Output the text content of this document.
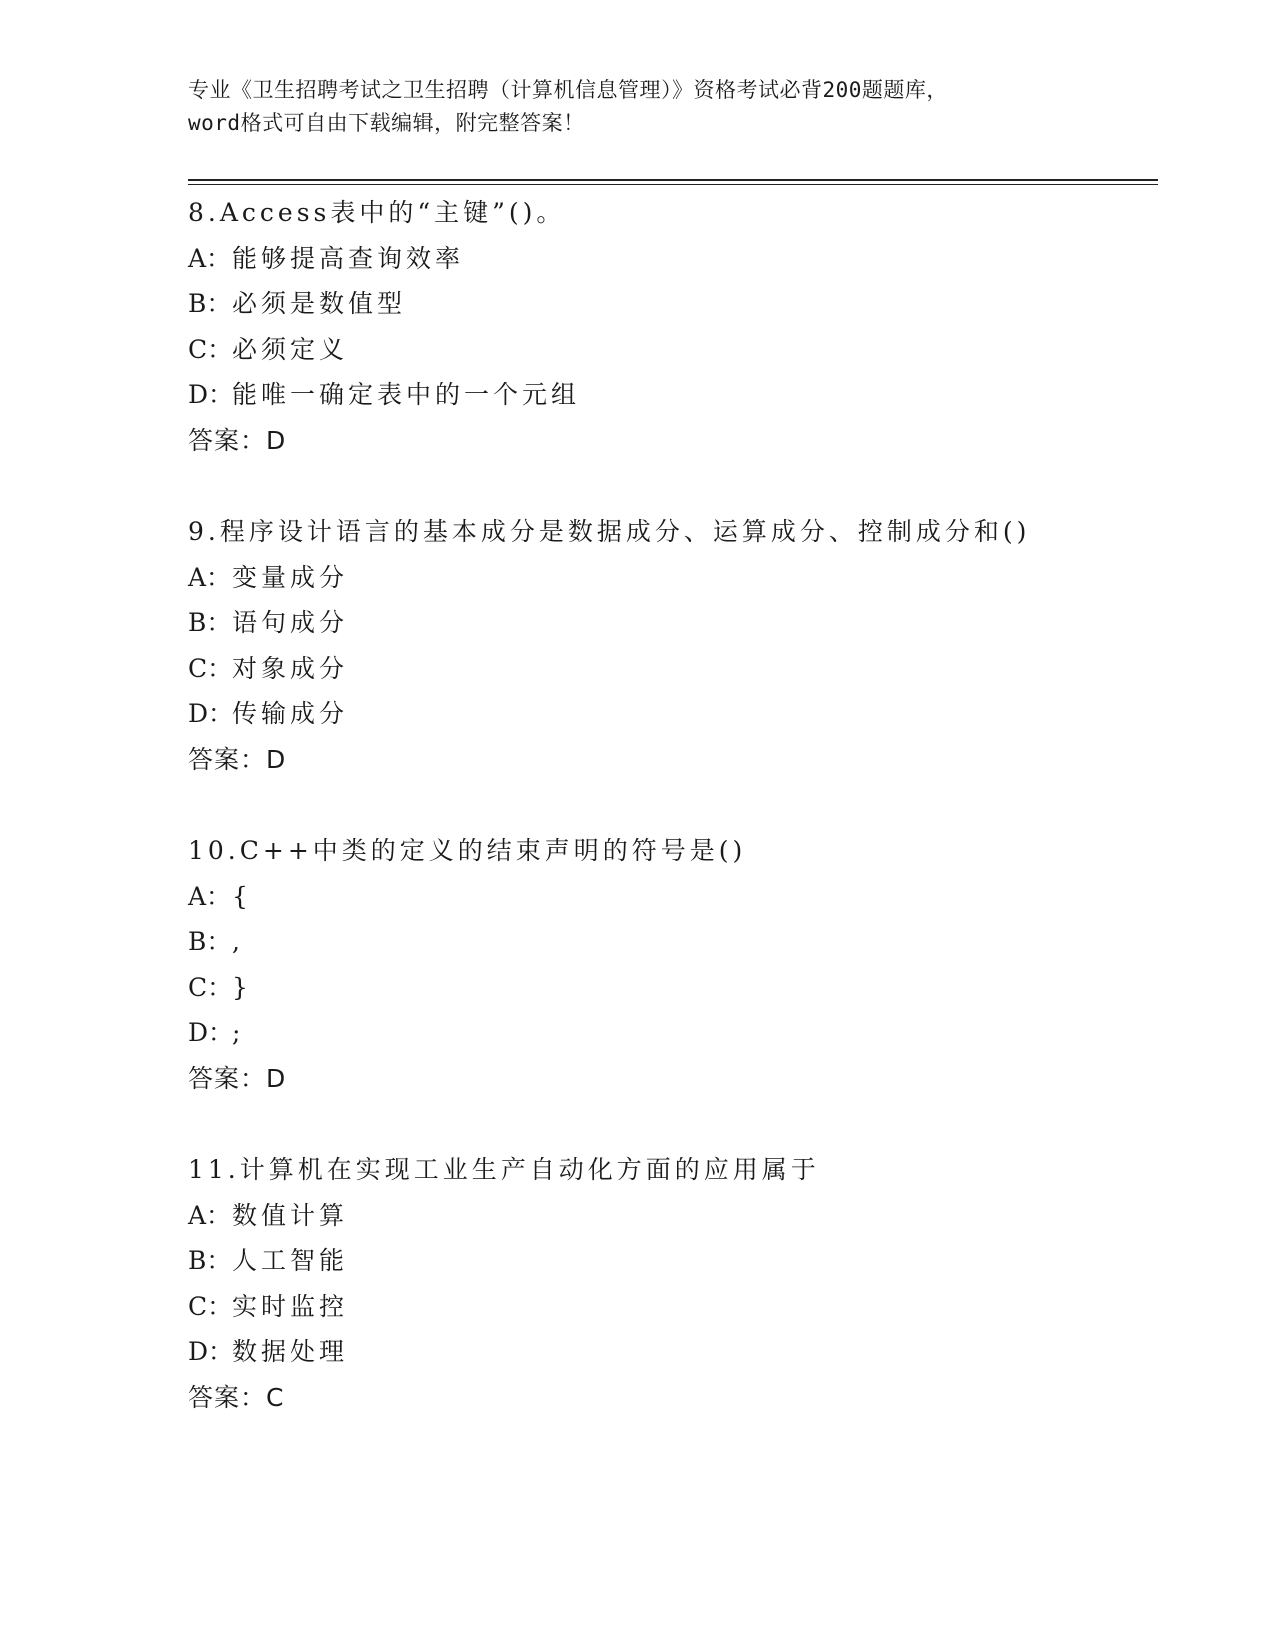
专业《卫生招聘考试之卫生招聘（计算机信息管理）》资格考试必背200题题库，
word格式可自由下载编辑，附完整答案！
8.Access表中的“主键”()。
A：能够提高查询效率
B：必须是数值型
C：必须定义
D：能唯一确定表中的一个元组
答案：D
9.程序设计语言的基本成分是数据成分、运算成分、控制成分和()
A：变量成分
B：语句成分
C：对象成分
D：传输成分
答案：D
10.C++中类的定义的结束声明的符号是()
A：{
B：,
C：}
D：;
答案：D
11.计算机在实现工业生产自动化方面的应用属于
A：数值计算
B：人工智能
C：实时监控
D：数据处理
答案：C
